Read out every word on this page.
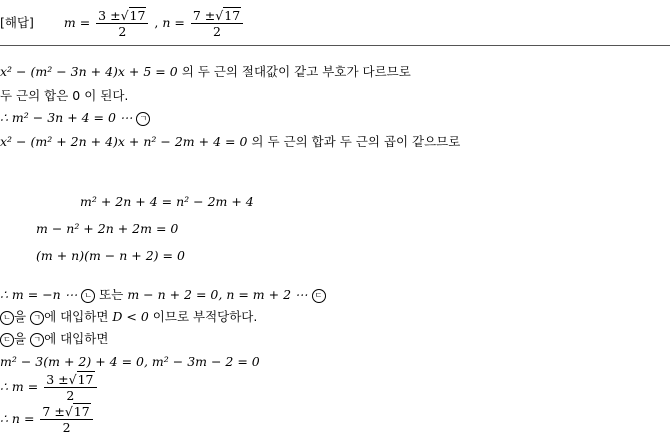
[해답] $m = \frac{3 \pm√17}{2}$ , $n = \frac{7 \pm√17}{2}$
x² − (m² − 3n + 4)x + 5 = 0 의 두 근의 절대값이 같고 부호가 다르므로
두 근의 합은 0 이 된다.
∴ m² − 3n + 4 = 0 ⋯ ㄱ
x² − (m² + 2n + 4)x + n² − 2m + 4 = 0 의 두 근의 합과 두 근의 곱이 같으므로
m² + 2n + 4 = n² − 2m + 4
m − n² + 2n + 2m = 0
(m + n)(m − n + 2) = 0
∴ m = −n ⋯ ㄴ 또는 m − n + 2 = 0, n = m + 2 ⋯ ㄷ
ㄴ 을 ㄱ 에 대입하면 D < 0 이므로 부적당하다.
ㄷ 을 ㄱ 에 대입하면
m² − 3(m + 2) + 4 = 0, m² − 3m − 2 = 0
∴ $m = \frac{3 \pm√17}{2}$
∴ $n = \frac{7 \pm√17}{2}$
